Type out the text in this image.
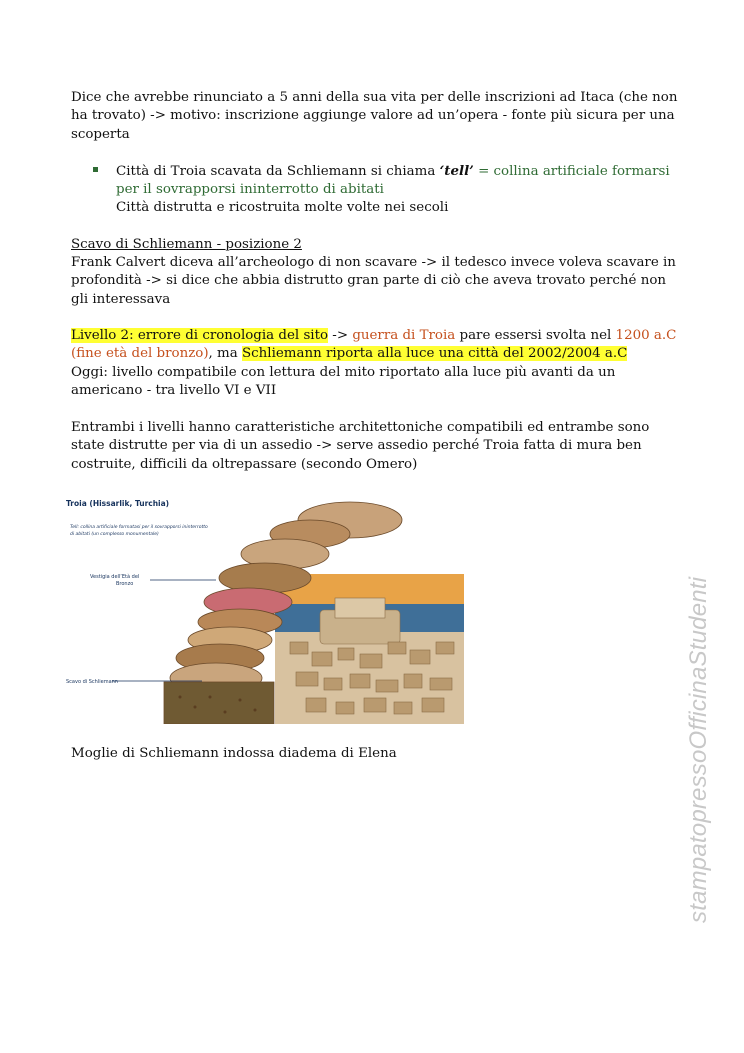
Dice che avrebbe rinunciato a 5 anni della sua vita per delle inscrizioni ad Itaca (che non ha trovato) -> motivo: inscrizione aggiunge valore ad un’opera - fonte più sicura per una scoperta

Città di Troia scavata da Schliemann si chiama ‘tell’ = collina artificiale formarsi per il sovrapporsi ininterrotto di abitati

Città distrutta e ricostruita molte volte nei secoli

Scavo di Schliemann - posizione 2

Frank Calvert diceva all’archeologo di non scavare -> il tedesco invece voleva scavare in profondità -> si dice che abbia distrutto gran parte di ciò che aveva trovato perché non gli interessava

Livello 2: errore di cronologia del sito -> guerra di Troia pare essersi svolta nel 1200 a.C (fine età del bronzo), ma Schliemann riporta alla luce una città del 2002/2004 a.C
Oggi: livello compatibile con lettura del mito riportato alla luce più avanti da un americano - tra livello VI e VII

Entrambi i livelli hanno caratteristiche architettoniche compatibili ed entrambe sono state distrutte per via di un assedio -> serve assedio perché Troia fatta di mura ben costruite, difficili da oltrepassare (secondo Omero)

Troia (Hissarlik, Turchia)
Tell: collina artificiale formatasi per il sovrapporsi ininterrotto
di abitati (un complesso monumentale)
Vestigia dell’Età del
Bronzo
Scavo di Schliemann

Moglie di Schliemann indossa diadema di Elena	stampatopressoOfficinaStudenti
